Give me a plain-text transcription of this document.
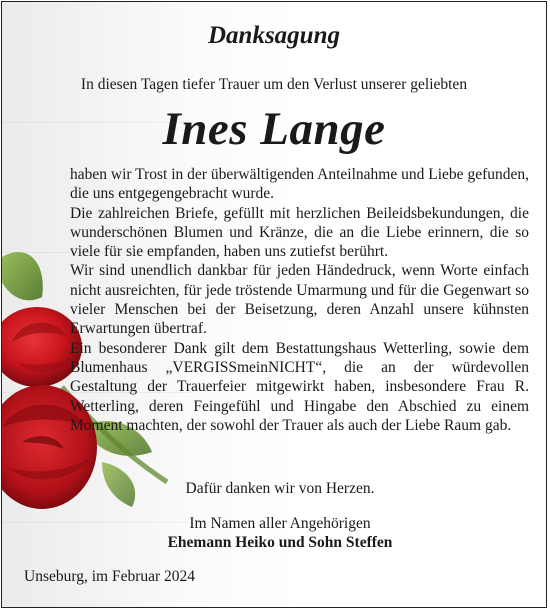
Danksagung
In diesen Tagen tiefer Trauer um den Verlust unserer geliebten
Ines Lange

haben wir Trost in der überwältigenden Anteilnahme und Liebe gefunden, die uns entgegengebracht wurde.

Die zahlreichen Briefe, gefüllt mit herzlichen Beileidsbekundungen, die wunderschönen Blumen und Kränze, die an die Liebe erinnern, die so viele für sie empfanden, haben uns zutiefst berührt.

Wir sind unendlich dankbar für jeden Händedruck, wenn Worte einfach nicht ausreichten, für jede tröstende Umarmung und für die Gegenwart so vieler Menschen bei der Beisetzung, deren Anzahl unsere kühnsten Erwartungen übertraf.

Ein besonderer Dank gilt dem Bestattungshaus Wetterling, sowie dem Blumenhaus „VERGISSmeinNICHT“, die an der würdevollen Gestaltung der Trauerfeier mitgewirkt haben, insbesondere Frau R. Wetterling, deren Feingefühl und Hingabe den Abschied zu einem Moment machten, der sowohl der Trauer als auch der Liebe Raum gab.

Dafür danken wir von Herzen.
Im Namen aller Angehörigen
Ehemann Heiko und Sohn Steffen
Unseburg, im Februar 2024
